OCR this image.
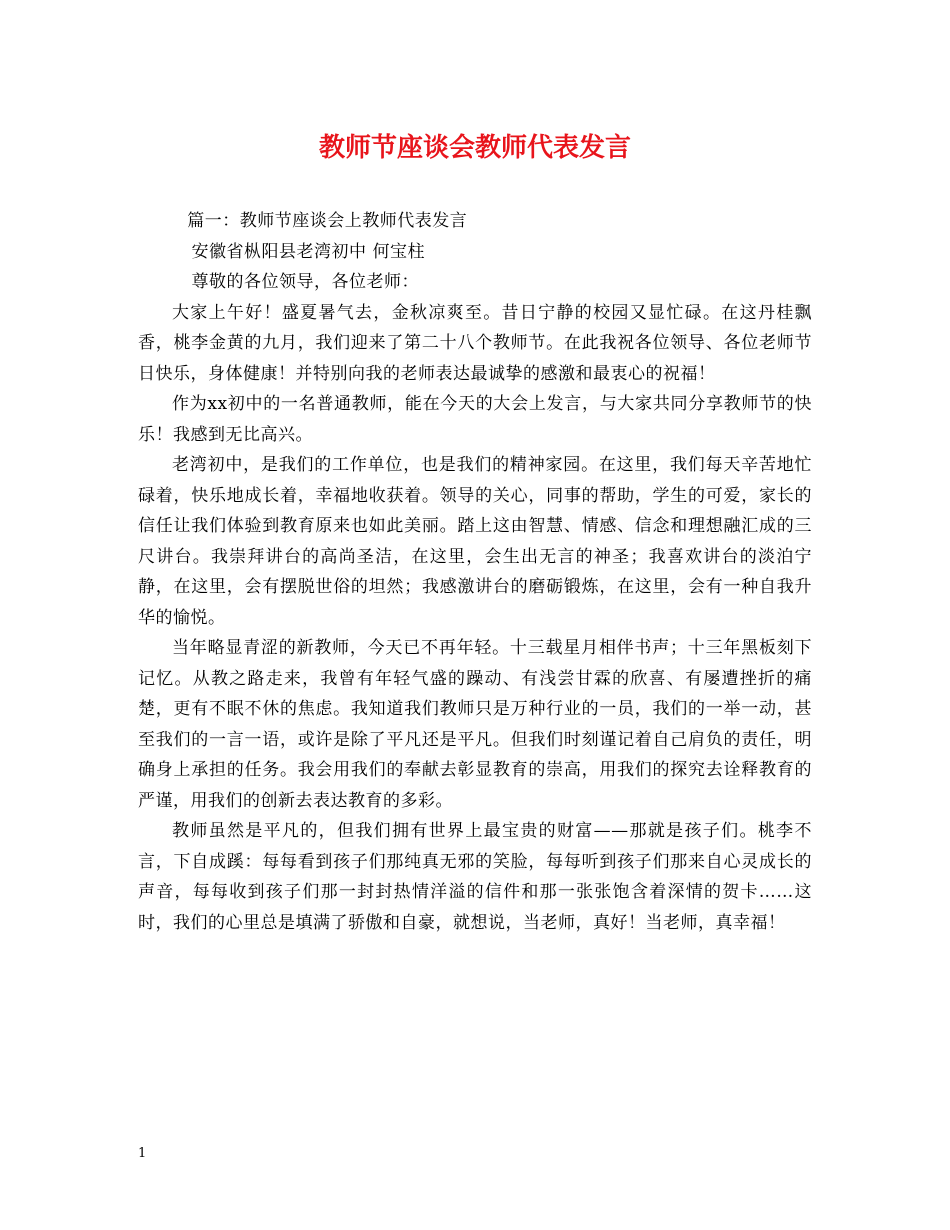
教师节座谈会教师代表发言

篇一：教师节座谈会上教师代表发言

安徽省枞阳县老湾初中 何宝柱

尊敬的各位领导，各位老师：

大家上午好！盛夏暑气去，金秋凉爽至。昔日宁静的校园又显忙碌。在这丹桂飘香，桃李金黄的九月，我们迎来了第二十八个教师节。在此我祝各位领导、各位老师节日快乐，身体健康！并特别向我的老师表达最诚挚的感激和最衷心的祝福！

作为xx初中的一名普通教师，能在今天的大会上发言，与大家共同分享教师节的快乐！我感到无比高兴。

老湾初中，是我们的工作单位，也是我们的精神家园。在这里，我们每天辛苦地忙碌着，快乐地成长着，幸福地收获着。领导的关心，同事的帮助，学生的可爱，家长的信任让我们体验到教育原来也如此美丽。踏上这由智慧、情感、信念和理想融汇成的三尺讲台。我崇拜讲台的高尚圣洁，在这里，会生出无言的神圣；我喜欢讲台的淡泊宁静，在这里，会有摆脱世俗的坦然；我感激讲台的磨砺锻炼，在这里，会有一种自我升华的愉悦。

当年略显青涩的新教师，今天已不再年轻。十三载星月相伴书声；十三年黑板刻下记忆。从教之路走来，我曾有年轻气盛的躁动、有浅尝甘霖的欣喜、有屡遭挫折的痛楚，更有不眠不休的焦虑。我知道我们教师只是万种行业的一员，我们的一举一动，甚至我们的一言一语，或许是除了平凡还是平凡。但我们时刻谨记着自己肩负的责任，明确身上承担的任务。我会用我们的奉献去彰显教育的崇高，用我们的探究去诠释教育的严谨，用我们的创新去表达教育的多彩。

教师虽然是平凡的，但我们拥有世界上最宝贵的财富——那就是孩子们。桃李不言，下自成蹊：每每看到孩子们那纯真无邪的笑脸，每每听到孩子们那来自心灵成长的声音，每每收到孩子们那一封封热情洋溢的信件和那一张张饱含着深情的贺卡……这时，我们的心里总是填满了骄傲和自豪，就想说，当老师，真好！当老师，真幸福！

1
